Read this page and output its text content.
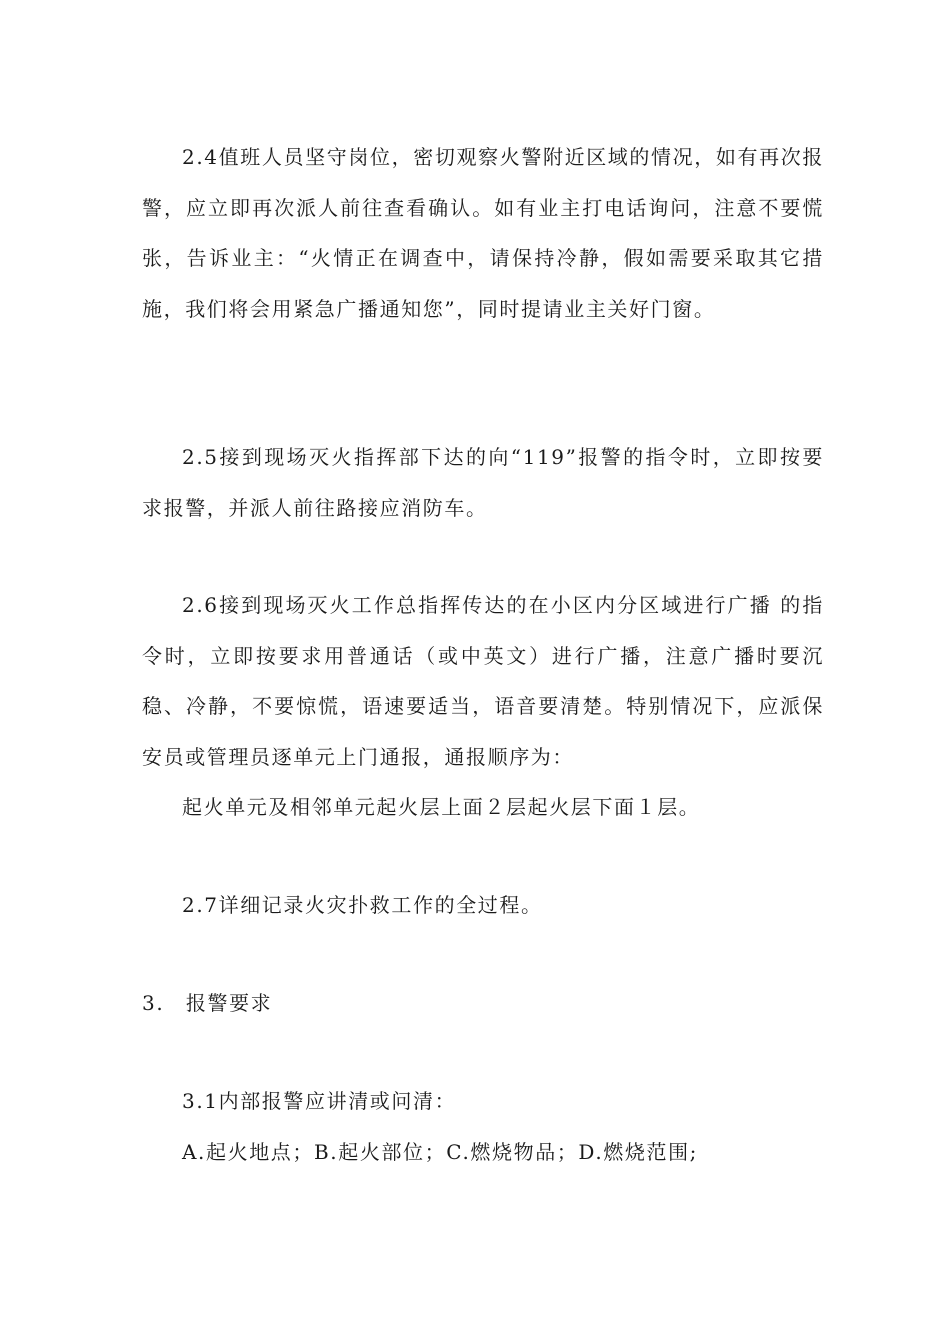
2.4值班人员坚守岗位，密切观察火警附近区域的情况，如有再次报警，应立即再次派人前往查看确认。如有业主打电话询问，注意不要慌张，告诉业主：“火情正在调查中，请保持冷静，假如需要采取其它措施，我们将会用紧急广播通知您”，同时提请业主关好门窗。

2.5接到现场灭火指挥部下达的向“119”报警的指令时，立即按要求报警，并派人前往路接应消防车。

2.6接到现场灭火工作总指挥传达的在小区内分区域进行广播 的指令时，立即按要求用普通话（或中英文）进行广播，注意广播时要沉稳、冷静，不要惊慌，语速要适当，语音要清楚。特别情况下，应派保安员或管理员逐单元上门通报，通报顺序为：

起火单元及相邻单元起火层上面２层起火层下面１层。

2.7详细记录火灾扑救工作的全过程。

3.　报警要求

3.1内部报警应讲清或问清：

A.起火地点；B.起火部位；C.燃烧物品；D.燃烧范围;
